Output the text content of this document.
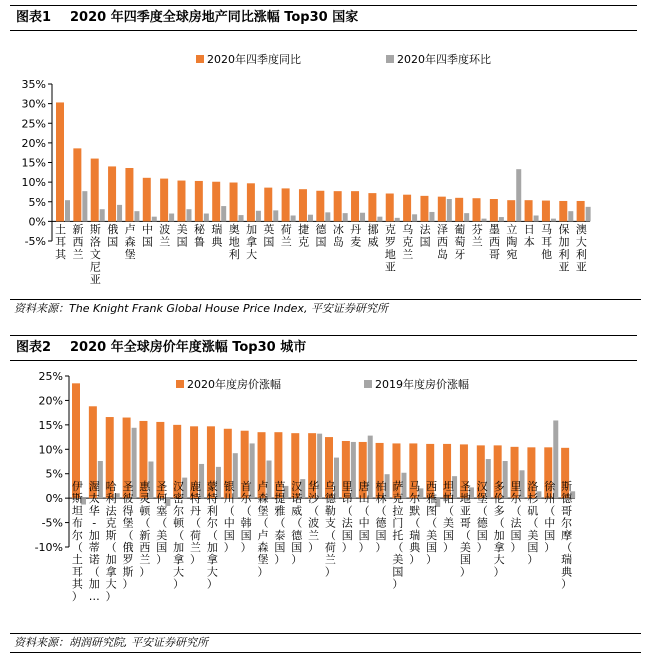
图表1 2020 年四季度全球房地产同比涨幅 Top30 国家
-5%
0%
5%
10%
15%
20%
25%
30%
35%
土耳其
新西兰
斯洛文尼亚
俄国
卢森堡
中国
波兰
美国
秘鲁
瑞典
奥地利
加拿大
英国
荷兰
捷克
德国
冰岛
丹麦
挪威
克罗地亚
乌克兰
法国
泽西岛
葡萄牙
芬兰
墨西哥
立陶宛
日本
马耳他
保加利亚
澳大利亚
2020年四季度同比	2020年四季度环比
资料来源：The Knight Frank Global House Price Index, 平安证券研究所
图表2 2020 年全球房价年度涨幅 Top30 城市
-10%
-5%
0%
5%
10%
15%
20%
25%
伊斯坦布尔（土耳其）
渥太华-加蒂诺（加…
哈利法克斯（加拿大）
圣彼得堡（俄罗斯）
惠灵顿（新西兰）
圣何塞（美国）
汉密尔顿（加拿大）
鹿特丹（荷兰）
蒙特利尔（加拿大）
银川（中国）
首尔（韩国）
卢森堡（卢森堡）
芭提雅（泰国）
汉诺威（德国）
华沙（波兰）
乌德勒支（荷兰）
里昂（法国）
唐山（中国）
柏林（德国）
萨克拉门托（美国）
马尔默（瑞典）
西雅图（美国）
坦帕（美国）
圣地亚哥（美国）
汉堡（德国）
多伦多（加拿大）
里尔（法国）
洛杉矶（美国）
徐州（中国）
斯德哥尔摩（瑞典）
2020年度房价涨幅	2019年度房价涨幅
资料来源：胡润研究院, 平安证券研究所
